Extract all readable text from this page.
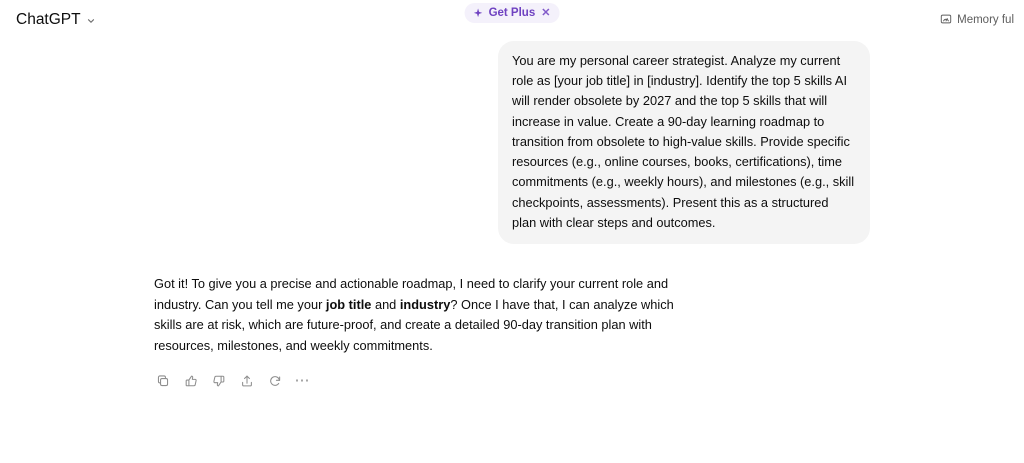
ChatGPT	Get Plus ✕
Memory ful
You are my personal career strategist. Analyze my current role as [your job title] in [industry]. Identify the top 5 skills AI will render obsolete by 2027 and the top 5 skills that will increase in value. Create a 90-day learning roadmap to transition from obsolete to high-value skills. Provide specific resources (e.g., online courses, books, certifications), time commitments (e.g., weekly hours), and milestones (e.g., skill checkpoints, assessments). Present this as a structured plan with clear steps and outcomes.

Got it! To give you a precise and actionable roadmap, I need to clarify your current role and industry. Can you tell me your job title and industry? Once I have that, I can analyze which skills are at risk, which are future-proof, and create a detailed 90-day transition plan with resources, milestones, and weekly commitments.

⋯
